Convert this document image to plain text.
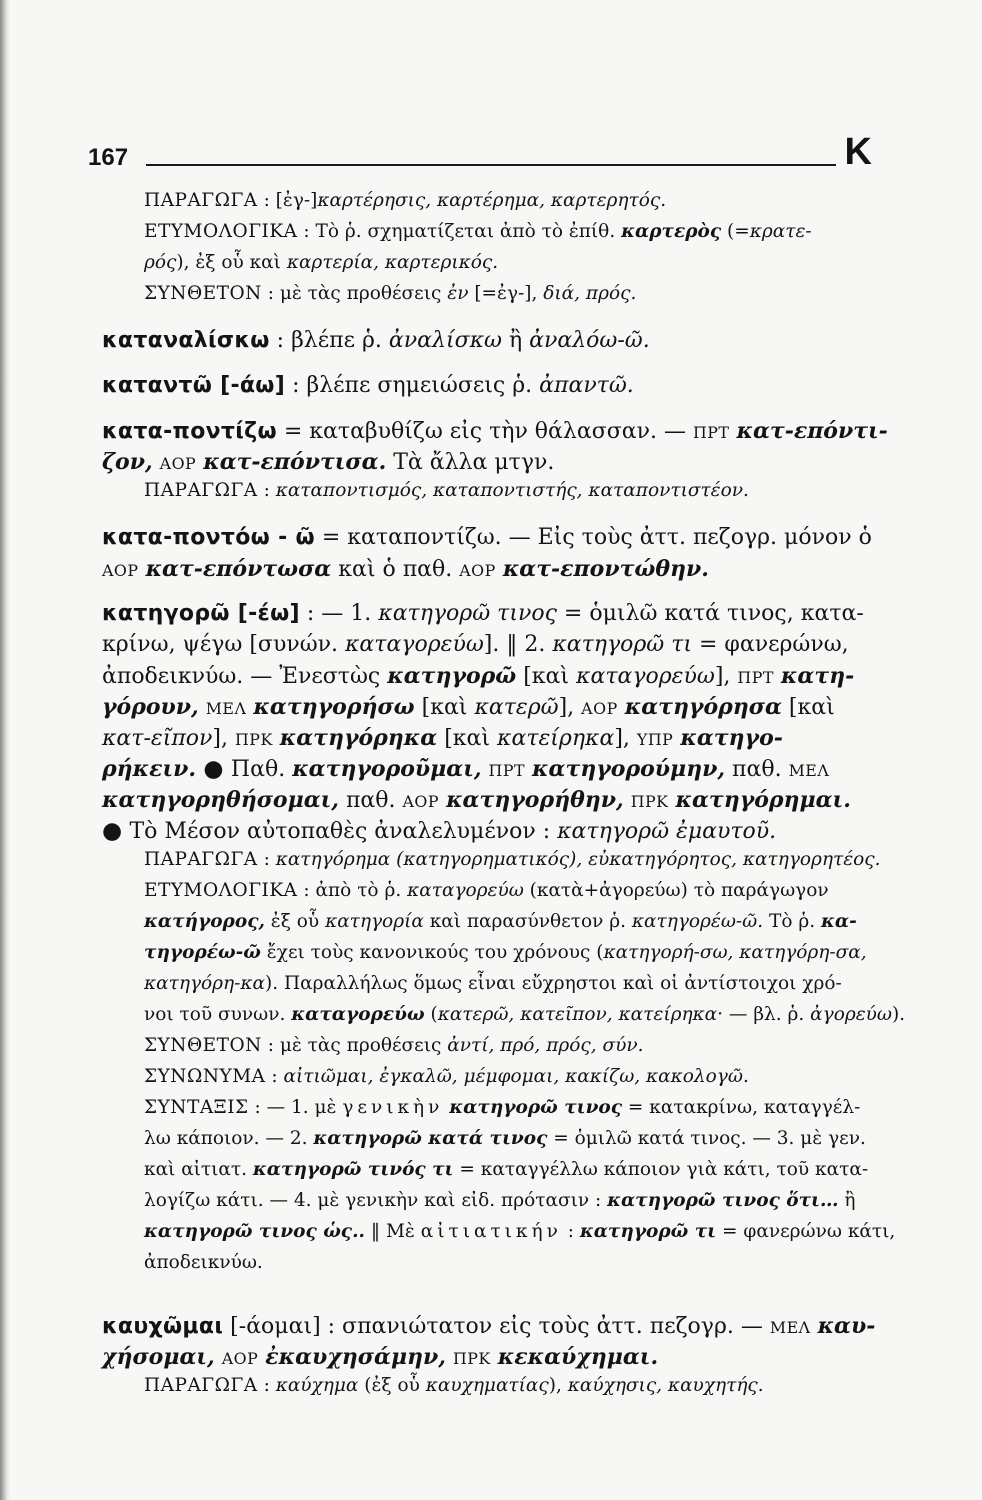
167	K
ΠΑΡΑΓΩΓΑ : [ἐγ-]καρτέρησις, καρτέρημα, καρτερητός.
ΕΤΥΜΟΛΟΓΙΚΑ : Τὸ ῥ. σχηματίζεται ἀπὸ τὸ ἐπίθ. καρτερὸς (=κρατε-
ρός), ἐξ οὗ καὶ καρτερία, καρτερικός.
ΣΥΝΘΕΤΟΝ : μὲ τὰς προθέσεις ἐν [=ἐγ-], διά, πρός.
καταναλίσκω : βλέπε ῥ. ἀναλίσκω ἢ ἀναλόω-ῶ.
καταντῶ [-άω] : βλέπε σημειώσεις ῥ. ἀπαντῶ.
κατα-ποντίζω = καταβυθίζω εἰς τὴν θάλασσαν. — ΠΡΤ κατ-επόντι-
ζον, ΑΟΡ κατ-επόντισα. Τὰ ἄλλα μτγν.
ΠΑΡΑΓΩΓΑ : καταποντισμός, καταποντιστής, καταποντιστέον.
κατα-ποντόω - ῶ = καταποντίζω. — Εἰς τοὺς ἀττ. πεζογρ. μόνον ὁ
ΑΟΡ κατ-επόντωσα καὶ ὁ παθ. ΑΟΡ κατ-εποντώθην.
κατηγορῶ [-έω] : — 1. κατηγορῶ τινος = ὁμιλῶ κατά τινος, κατα-
κρίνω, ψέγω [συνών. καταγορεύω]. ‖ 2. κατηγορῶ τι = φανερώνω,
ἀποδεικνύω. — Ἐνεστὼς κατηγορῶ [καὶ καταγορεύω], ΠΡΤ κατη-
γόρουν, ΜΕΛ κατηγορήσω [καὶ κατερῶ], ΑΟΡ κατηγόρησα [καὶ
κατ-εῖπον], ΠΡΚ κατηγόρηκα [καὶ κατείρηκα], ΥΠΡ κατηγο-
ρήκειν. ● Παθ. κατηγοροῦμαι, ΠΡΤ κατηγορούμην, παθ. ΜΕΛ
κατηγορηθήσομαι, παθ. ΑΟΡ κατηγορήθην, ΠΡΚ κατηγόρημαι.
● Τὸ Μέσον αὐτοπαθὲς ἀναλελυμένον : κατηγορῶ ἐμαυτοῦ.
ΠΑΡΑΓΩΓΑ : κατηγόρημα (κατηγορηματικός), εὐκατηγόρητος, κατηγορητέος.
ΕΤΥΜΟΛΟΓΙΚΑ : ἀπὸ τὸ ῥ. καταγορεύω (κατὰ+ἀγορεύω) τὸ παράγωγον
κατήγορος, ἐξ οὗ κατηγορία καὶ παρασύνθετον ῥ. κατηγορέω-ῶ. Τὸ ῥ. κα-
τηγορέω-ῶ ἔχει τοὺς κανονικούς του χρόνους (κατηγορή-σω, κατηγόρη-σα,
κατηγόρη-κα). Παραλλήλως ὅμως εἶναι εὔχρηστοι καὶ οἱ ἀντίστοιχοι χρό-
νοι τοῦ συνων. καταγορεύω (κατερῶ, κατεῖπον, κατείρηκα· — βλ. ῥ. ἀγορεύω).
ΣΥΝΘΕΤΟΝ : μὲ τὰς προθέσεις ἀντί, πρό, πρός, σύν.
ΣΥΝΩΝΥΜΑ : αἰτιῶμαι, ἐγκαλῶ, μέμφομαι, κακίζω, κακολογῶ.
ΣΥΝΤΑΞΙΣ : — 1. μὲ γενικὴν κατηγορῶ τινος = κατακρίνω, καταγγέλ-
λω κάποιον. — 2. κατηγορῶ κατά τινος = ὁμιλῶ κατά τινος. — 3. μὲ γεν.
καὶ αἰτιατ. κατηγορῶ τινός τι = καταγγέλλω κάποιον γιὰ κάτι, τοῦ κατα-
λογίζω κάτι. — 4. μὲ γενικὴν καὶ εἰδ. πρότασιν : κατηγορῶ τινος ὅτι… ἢ
κατηγορῶ τινος ὡς.. ‖ Μὲ αἰτιατικήν : κατηγορῶ τι = φανερώνω κάτι,
ἀποδεικνύω.
καυχῶμαι [-άομαι] : σπανιώτατον εἰς τοὺς ἀττ. πεζογρ. — ΜΕΛ καυ-
χήσομαι, ΑΟΡ ἐκαυχησάμην, ΠΡΚ κεκαύχημαι.
ΠΑΡΑΓΩΓΑ : καύχημα (ἐξ οὗ καυχηματίας), καύχησις, καυχητής.
